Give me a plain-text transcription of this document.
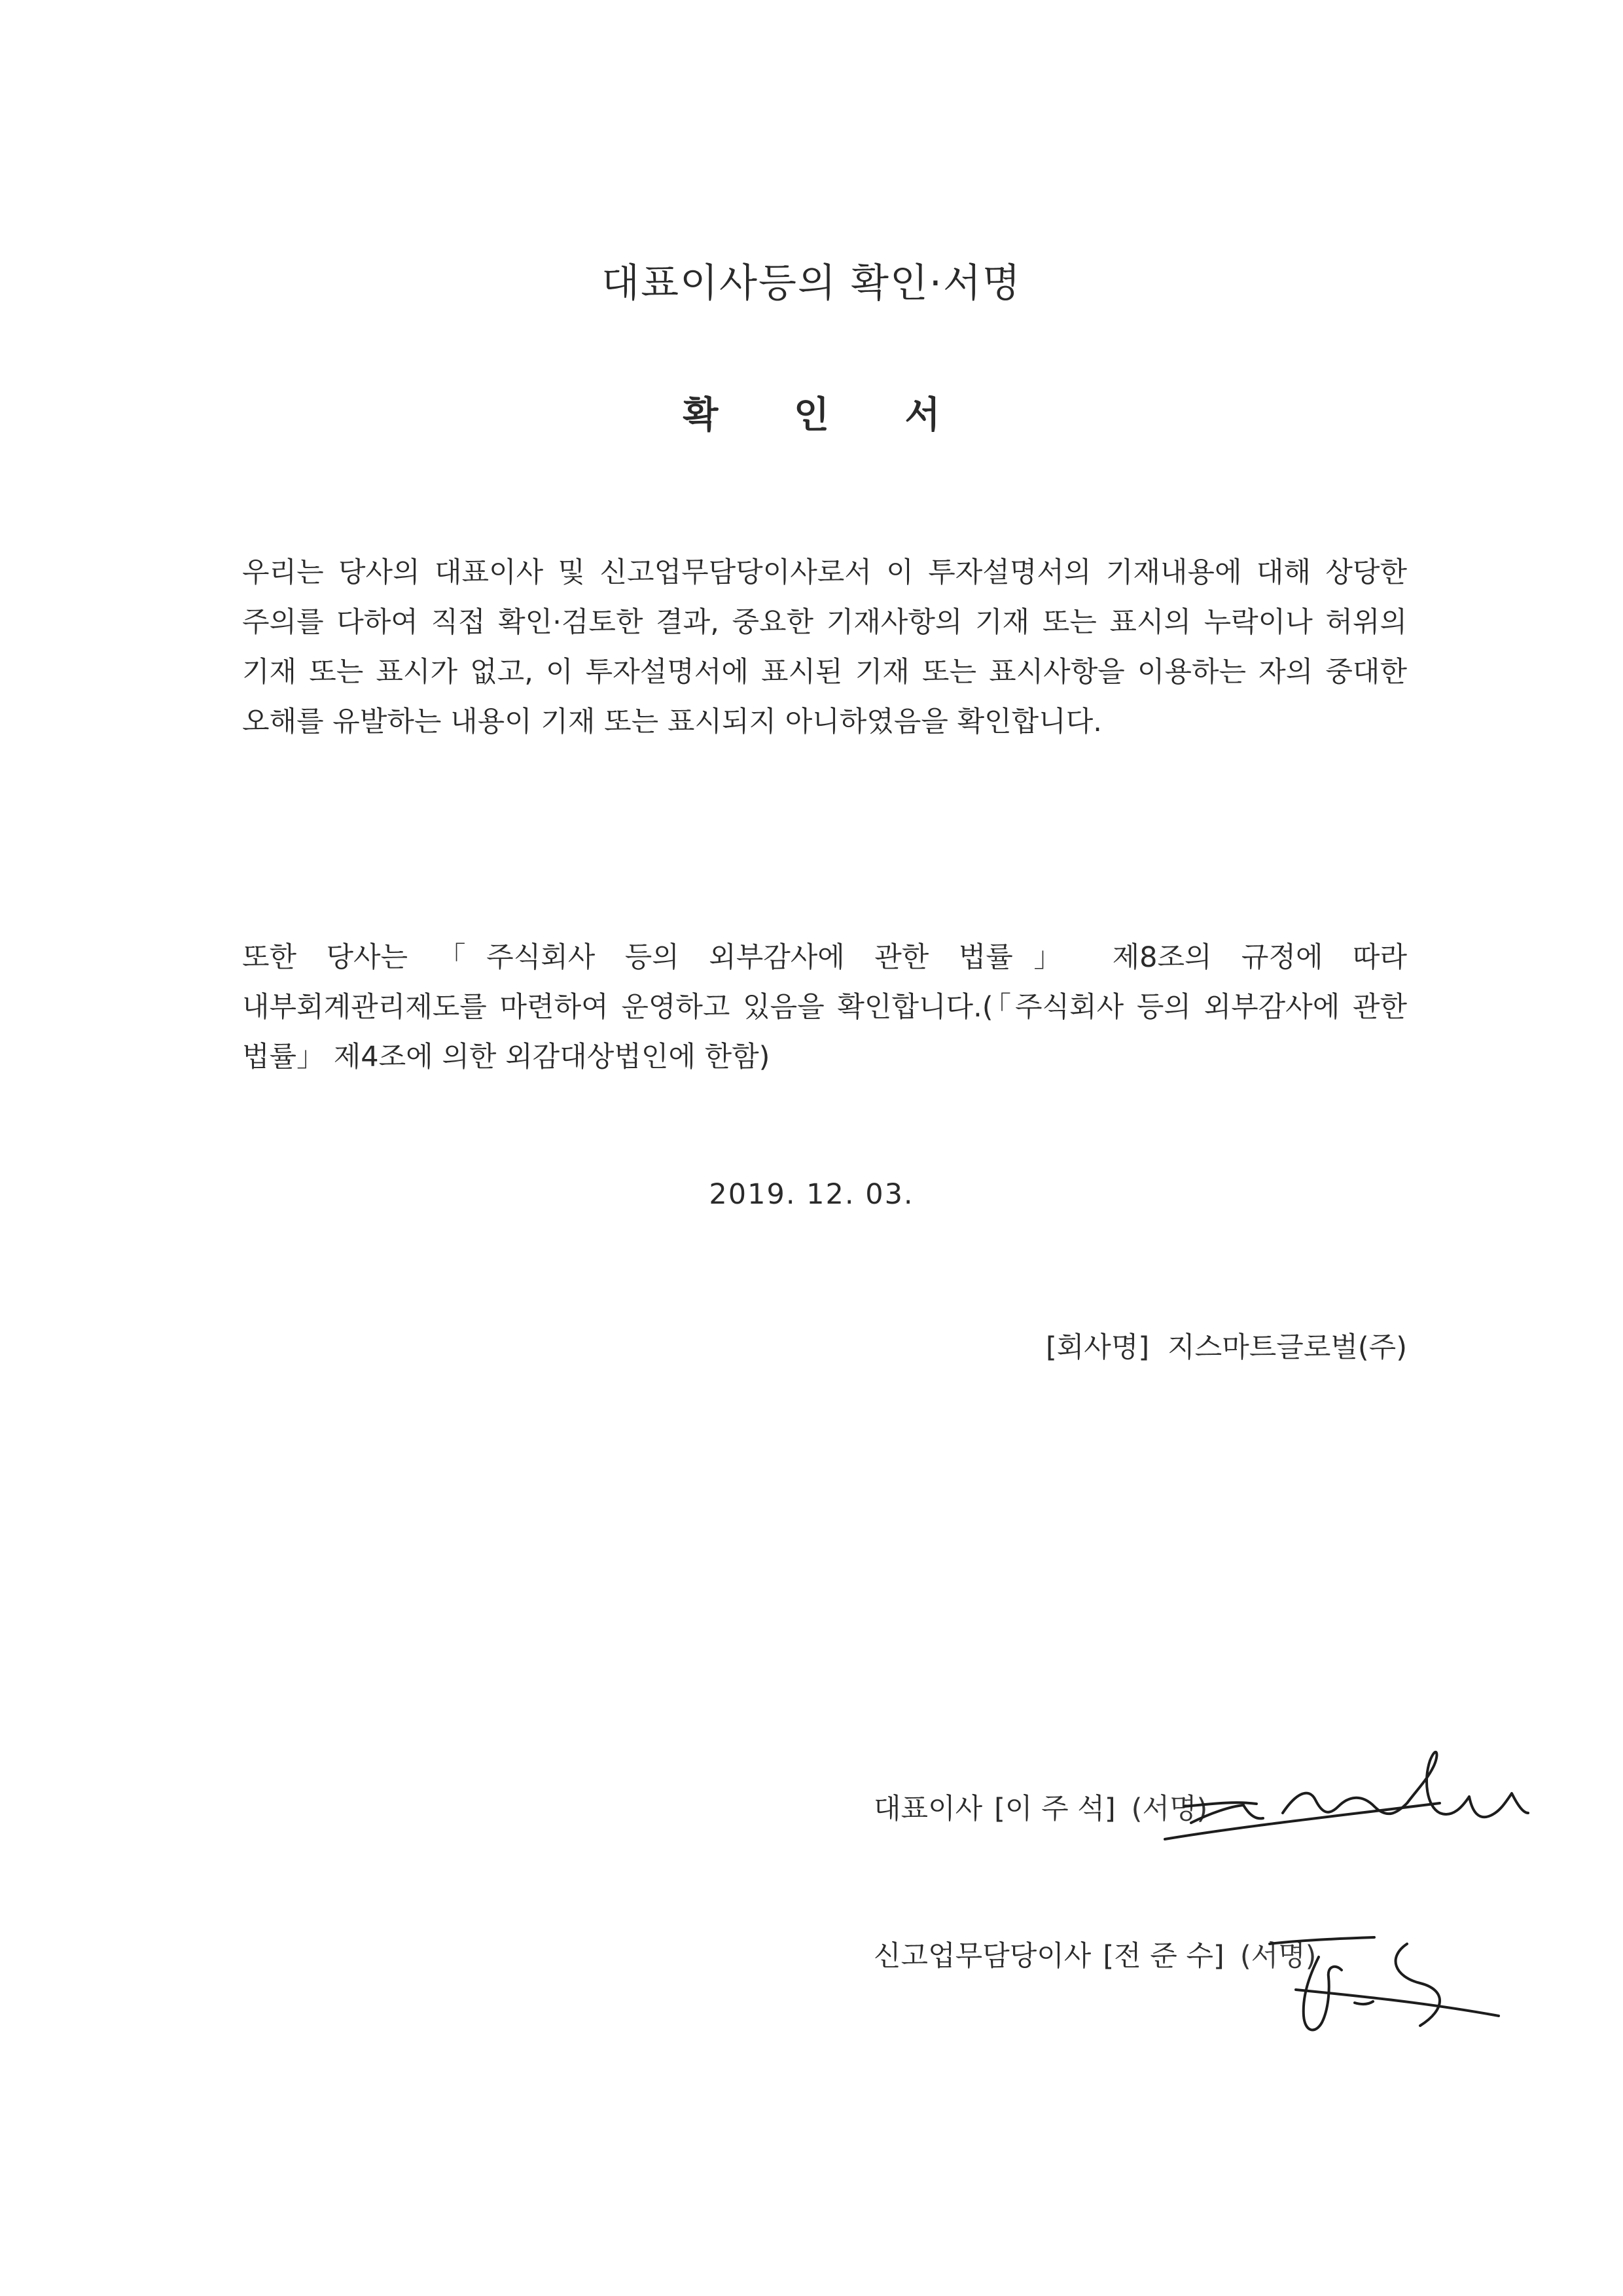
대표이사등의 확인·서명
확 인 서

우리는 당사의 대표이사 및 신고업무담당이사로서 이 투자설명서의 기재내용에 대해 상당한 주의를 다하여 직접 확인·검토한 결과, 중요한 기재사항의 기재 또는 표시의 누락이나 허위의 기재 또는 표시가 없고, 이 투자설명서에 표시된 기재 또는 표시사항을 이용하는 자의 중대한 오해를 유발하는 내용이 기재 또는 표시되지 아니하였음을 확인합니다.

또한 당사는 「주식회사 등의 외부감사에 관한 법률」 제8조의 규정에 따라 내부회계관리제도를 마련하여 운영하고 있음을 확인합니다.(「주식회사 등의 외부감사에 관한 법률」 제4조에 의한 외감대상법인에 한함)

2019. 12. 03.

[회사명] 지스마트글로벌(주)

대표이사 [이 주 석] (서명)

신고업무담당이사 [전 준 수] (서명)
